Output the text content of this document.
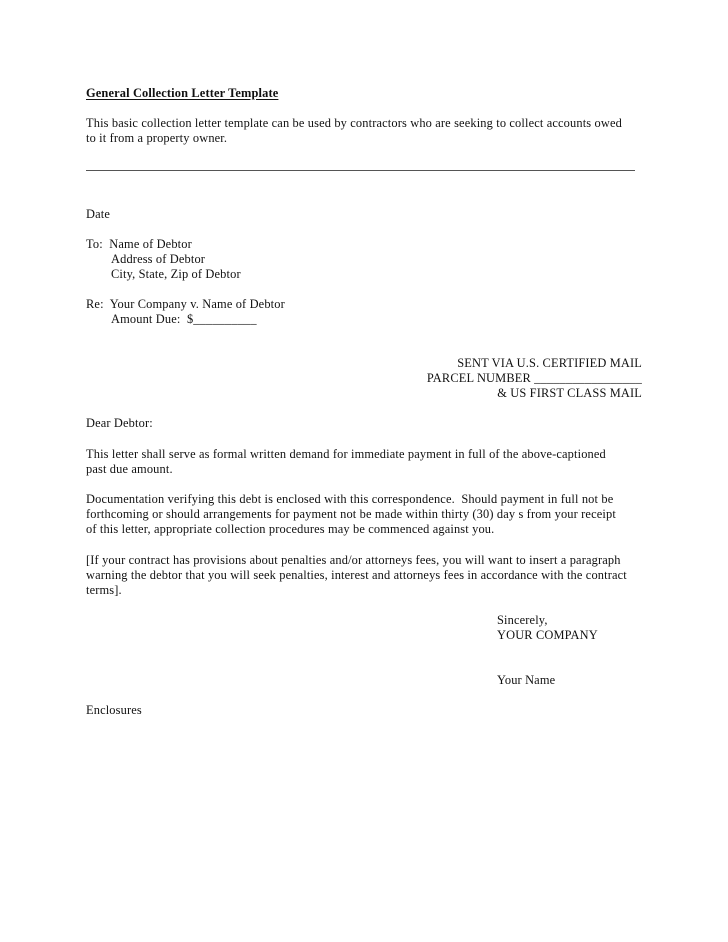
General Collection Letter Template
This basic collection letter template can be used by contractors who are seeking to collect accounts owed
to it from a property owner.
Date
To:  Name of Debtor
Address of Debtor
City, State, Zip of Debtor
Re:  Your Company v. Name of Debtor
Amount Due:  $__________
SENT VIA U.S. CERTIFIED MAIL
PARCEL NUMBER _________________
& US FIRST CLASS MAIL
Dear Debtor:
This letter shall serve as formal written demand for immediate payment in full of the above-captioned
past due amount.
Documentation verifying this debt is enclosed with this correspondence.  Should payment in full not be
forthcoming or should arrangements for payment not be made within thirty (30) day s from your receipt
of this letter, appropriate collection procedures may be commenced against you.
[If your contract has provisions about penalties and/or attorneys fees, you will want to insert a paragraph
warning the debtor that you will seek penalties, interest and attorneys fees in accordance with the contract
terms].
Sincerely,
YOUR COMPANY
Your Name
Enclosures
